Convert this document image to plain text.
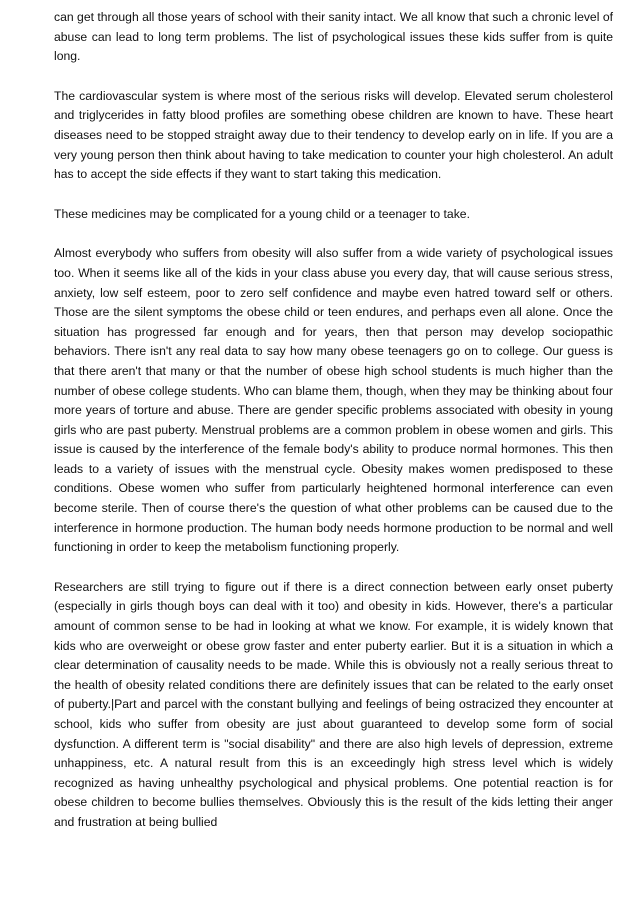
can get through all those years of school with their sanity intact. We all know that such a chronic level of abuse can lead to long term problems. The list of psychological issues these kids suffer from is quite long.

The cardiovascular system is where most of the serious risks will develop. Elevated serum cholesterol and triglycerides in fatty blood profiles are something obese children are known to have. These heart diseases need to be stopped straight away due to their tendency to develop early on in life. If you are a very young person then think about having to take medication to counter your high cholesterol. An adult has to accept the side effects if they want to start taking this medication.

These medicines may be complicated for a young child or a teenager to take.

Almost everybody who suffers from obesity will also suffer from a wide variety of psychological issues too. When it seems like all of the kids in your class abuse you every day, that will cause serious stress, anxiety, low self esteem, poor to zero self confidence and maybe even hatred toward self or others. Those are the silent symptoms the obese child or teen endures, and perhaps even all alone. Once the situation has progressed far enough and for years, then that person may develop sociopathic behaviors. There isn't any real data to say how many obese teenagers go on to college. Our guess is that there aren't that many or that the number of obese high school students is much higher than the number of obese college students. Who can blame them, though, when they may be thinking about four more years of torture and abuse. There are gender specific problems associated with obesity in young girls who are past puberty. Menstrual problems are a common problem in obese women and girls. This issue is caused by the interference of the female body's ability to produce normal hormones. This then leads to a variety of issues with the menstrual cycle. Obesity makes women predisposed to these conditions. Obese women who suffer from particularly heightened hormonal interference can even become sterile. Then of course there's the question of what other problems can be caused due to the interference in hormone production. The human body needs hormone production to be normal and well functioning in order to keep the metabolism functioning properly.

Researchers are still trying to figure out if there is a direct connection between early onset puberty (especially in girls though boys can deal with it too) and obesity in kids. However, there's a particular amount of common sense to be had in looking at what we know. For example, it is widely known that kids who are overweight or obese grow faster and enter puberty earlier. But it is a situation in which a clear determination of causality needs to be made. While this is obviously not a really serious threat to the health of obesity related conditions there are definitely issues that can be related to the early onset of puberty.|Part and parcel with the constant bullying and feelings of being ostracized they encounter at school, kids who suffer from obesity are just about guaranteed to develop some form of social dysfunction. A different term is "social disability" and there are also high levels of depression, extreme unhappiness, etc. A natural result from this is an exceedingly high stress level which is widely recognized as having unhealthy psychological and physical problems. One potential reaction is for obese children to become bullies themselves. Obviously this is the result of the kids letting their anger and frustration at being bullied
